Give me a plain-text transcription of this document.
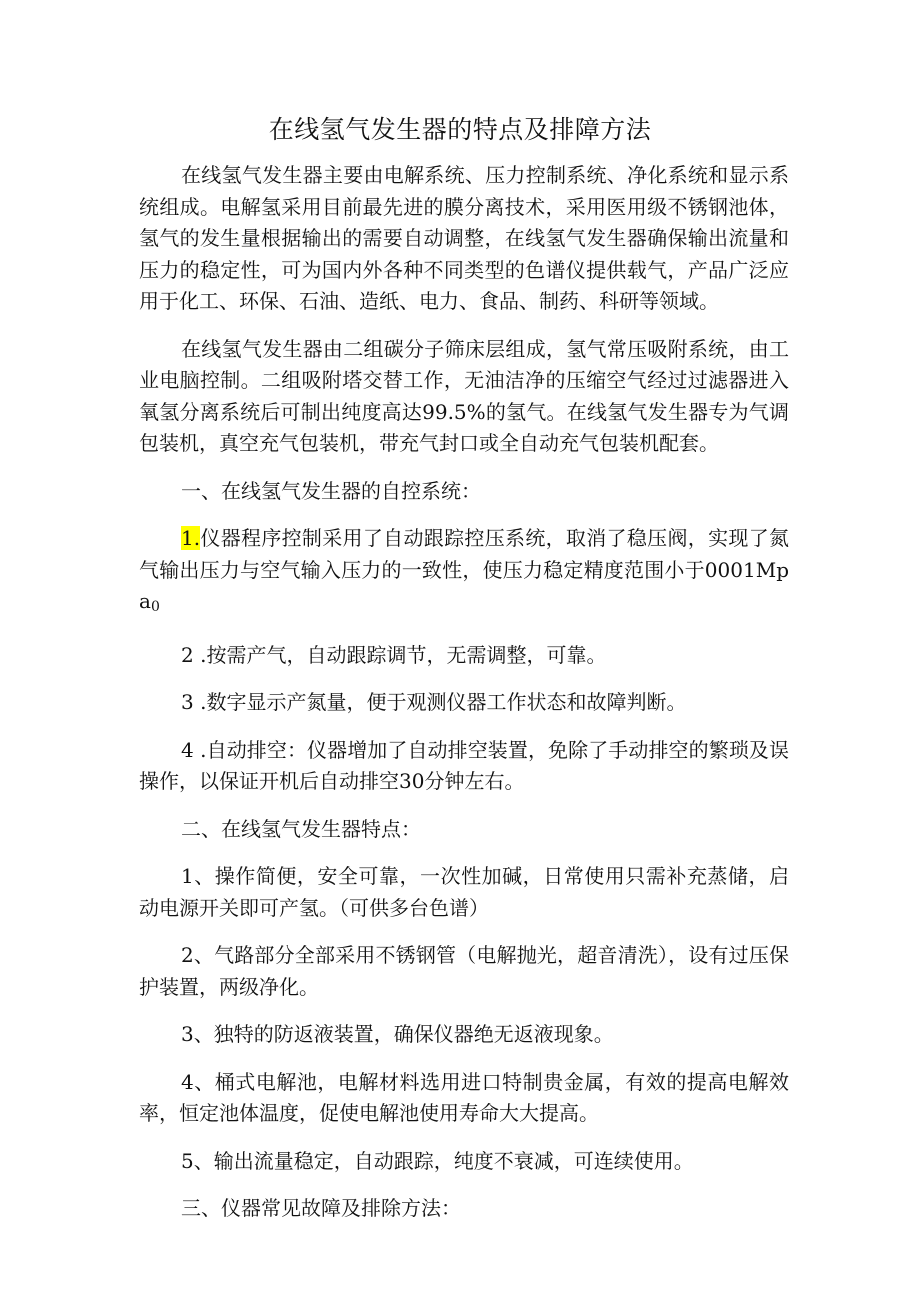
在线氢气发生器的特点及排障方法

在线氢气发生器主要由电解系统、压力控制系统、净化系统和显示系统组成。电解氢采用目前最先进的膜分离技术，采用医用级不锈钢池体，氢气的发生量根据输出的需要自动调整，在线氢气发生器确保输出流量和压力的稳定性，可为国内外各种不同类型的色谱仪提供载气，产品广泛应用于化工、环保、石油、造纸、电力、食品、制药、科研等领域。

在线氢气发生器由二组碳分子筛床层组成，氢气常压吸附系统，由工业电脑控制。二组吸附塔交替工作，无油洁净的压缩空气经过过滤器进入氧氢分离系统后可制出纯度高达99.5%的氢气。在线氢气发生器专为气调包装机，真空充气包装机，带充气封口或全自动充气包装机配套。

一、在线氢气发生器的自控系统：

1.仪器程序控制采用了自动跟踪控压系统，取消了稳压阀，实现了氮气输出压力与空气输入压力的一致性，使压力稳定精度范围小于0001Mpa$_0$

2 .按需产气，自动跟踪调节，无需调整，可靠。

3 .数字显示产氮量，便于观测仪器工作状态和故障判断。

4 .自动排空：仪器增加了自动排空装置，免除了手动排空的繁琐及误操作，以保证开机后自动排空30分钟左右。

二、在线氢气发生器特点：

1、操作简便，安全可靠，一次性加碱，日常使用只需补充蒸储，启动电源开关即可产氢。（可供多台色谱）

2、气路部分全部采用不锈钢管（电解抛光，超音清洗），设有过压保护装置，两级净化。

3、独特的防返液装置，确保仪器绝无返液现象。

4、桶式电解池，电解材料选用进口特制贵金属，有效的提高电解效率，恒定池体温度，促使电解池使用寿命大大提高。

5、输出流量稳定，自动跟踪，纯度不衰减，可连续使用。

三、仪器常见故障及排除方法：
